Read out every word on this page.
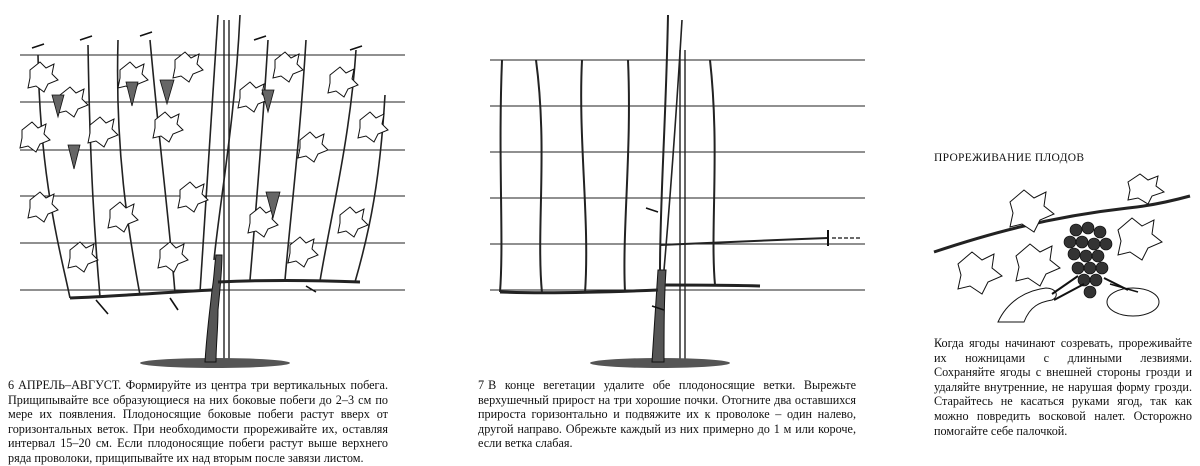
6 АПРЕЛЬ–АВГУСТ. Формируйте из центра три вертикальных побега. Прищипывайте все образующиеся на них боковые побеги до 2–3 см по мере их появления. Плодоносящие боковые побеги растут вверх от горизонтальных веток. При необходимости прореживайте их, оставляя интервал 15–20 см. Если плодоносящие побеги растут выше верхнего ряда проволоки, прищипывайте их над вторым после завязи листом.
7 В конце вегетации удалите обе плодоносящие ветки. Вырежьте верхушечный прирост на три хорошие почки. Отогните два оставшихся прироста горизонтально и подвяжите их к проволоке – один налево, другой направо. Обрежьте каждый из них примерно до 1 м или короче, если ветка слабая.
ПРОРЕЖИВАНИЕ ПЛОДОВ
Когда ягоды начинают созревать, прореживайте их ножницами с длинными лезвиями. Сохраняйте ягоды с внешней стороны грозди и удаляйте внутренние, не нарушая форму грозди. Старайтесь не касаться руками ягод, так как можно повредить восковой налет. Осторожно помогайте себе палочкой.
